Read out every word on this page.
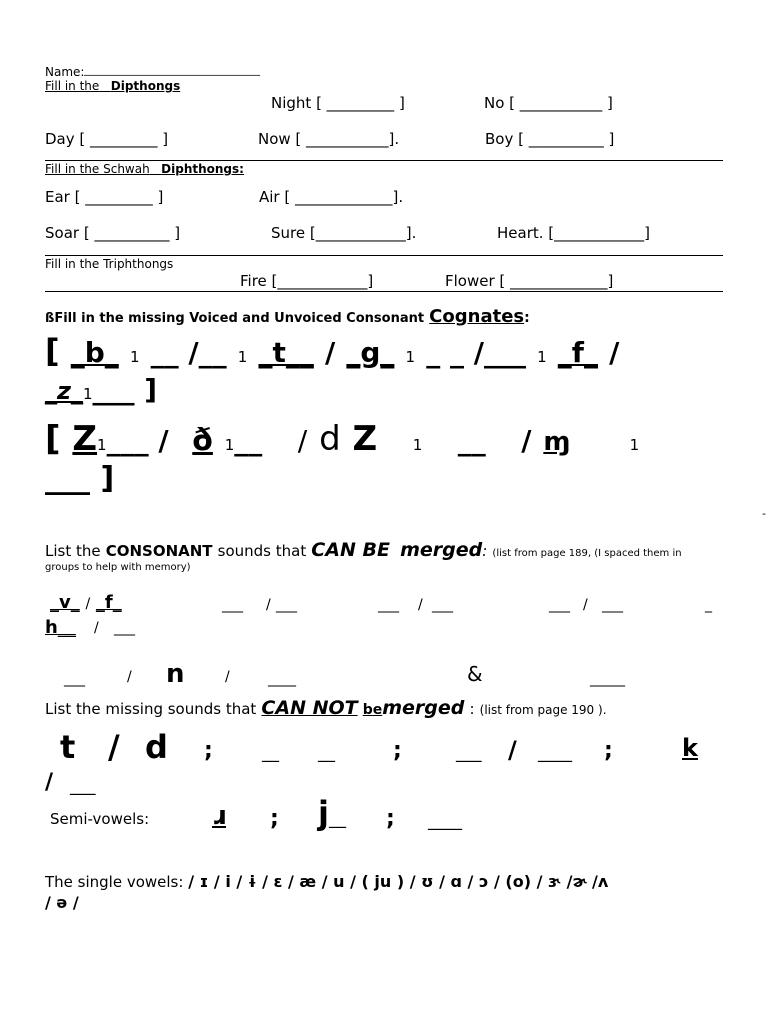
Name: ________________________________
Fill in the Dipthongs
Night [ _________ ]	No [ ___________ ]
Day [ _________ ]	Now [ ___________].	Boy [ __________ ]
Fill in the Schwah Diphthongs:
Ear [ _________ ]	Air [ _____________].
Soar [ __________ ]	Sure [____________].	Heart. [____________]
Fill in the Triphthongs
Fire [____________]	Flower [ _____________]
ßFill in the missing Voiced and Unvoiced Consonant Cognates:
[ _b_ 1 __ /__ 1 _t__ / _g_ 1 _ _ /___ 1 _f_ /
_z_1___ ]
[ Z1___ / ð 1__ / d Z 1 __ / ɱ	1
___ ]
-
List the CONSONANT sounds that CAN BE merged: (list from page 189, (I spaced them in
groups to help with memory)
_v_ / _f_	___ / ___	___ / ___	___ / ___	_
h__ / ___
___	/ n	/	____	&	_____
List the missing sounds that CAN NOT bemerged : (list from page 190 ).
t / d ;	__ __	;	___ / ____ ;	k
/ ___
Semi-vowels: ɹ ; j__ ; ____
The single vowels: / ɪ / i / ɨ / ɛ / æ / u / ( ju ) / ʊ / ɑ / ɔ / (o) / ɝ /ɚ /ʌ
/ ə /
